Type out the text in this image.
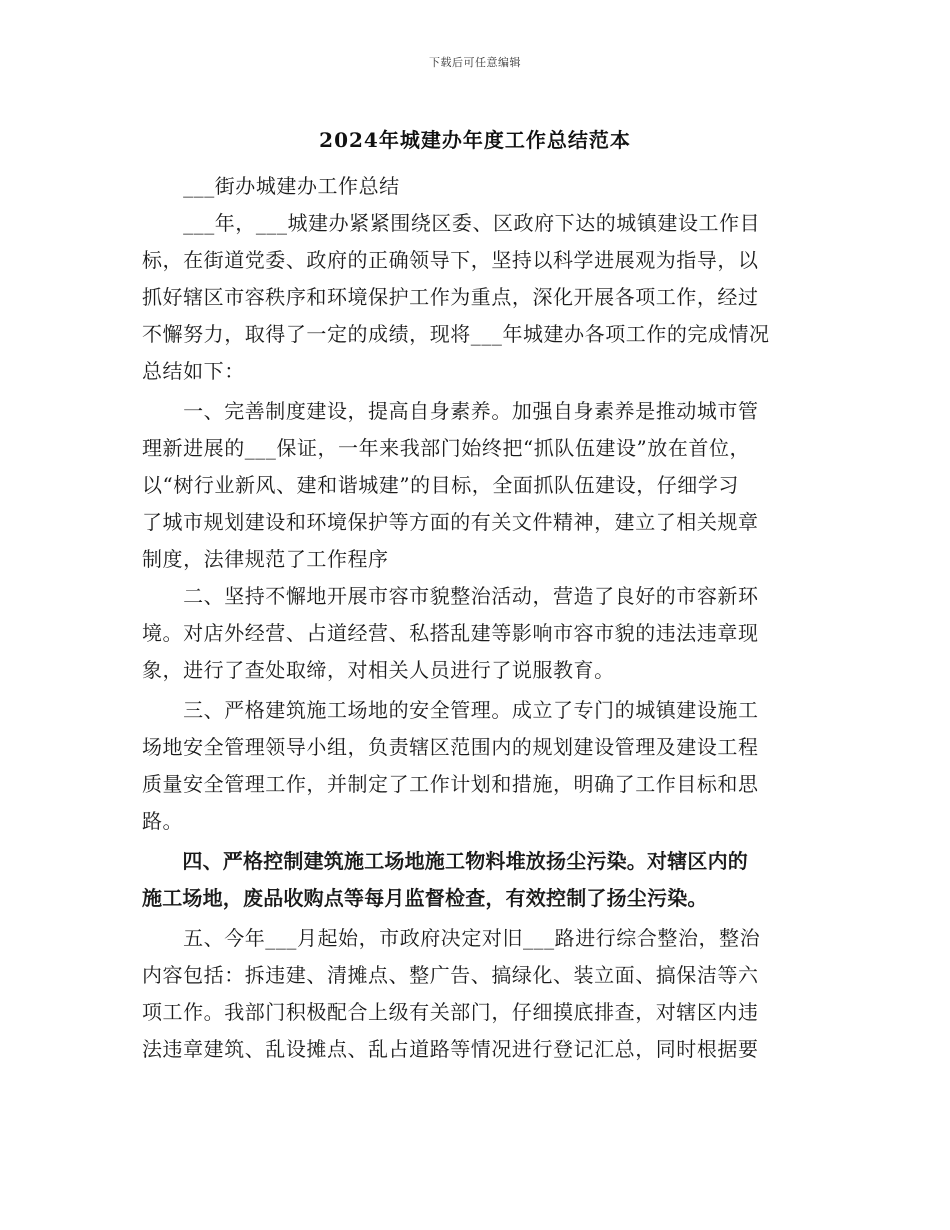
下载后可任意编辑
2024年城建办年度工作总结范本
　　___街办城建办工作总结
　　___年，___城建办紧紧围绕区委、区政府下达的城镇建设工作目
标，在街道党委、政府的正确领导下，坚持以科学进展观为指导，以
抓好辖区市容秩序和环境保护工作为重点，深化开展各项工作，经过
不懈努力，取得了一定的成绩，现将___年城建办各项工作的完成情况
总结如下：
　　一、完善制度建设，提高自身素养。加强自身素养是推动城市管
理新进展的___保证，一年来我部门始终把“抓队伍建设”放在首位，
以“树行业新风、建和谐城建”的目标，全面抓队伍建设，仔细学习
了城市规划建设和环境保护等方面的有关文件精神，建立了相关规章
制度，法律规范了工作程序
　　二、坚持不懈地开展市容市貌整治活动，营造了良好的市容新环
境。对店外经营、占道经营、私搭乱建等影响市容市貌的违法违章现
象，进行了查处取缔，对相关人员进行了说服教育。
　　三、严格建筑施工场地的安全管理。成立了专门的城镇建设施工
场地安全管理领导小组，负责辖区范围内的规划建设管理及建设工程
质量安全管理工作，并制定了工作计划和措施，明确了工作目标和思
路。
　　四、严格控制建筑施工场地施工物料堆放扬尘污染。对辖区内的
施工场地，废品收购点等每月监督检查，有效控制了扬尘污染。
　　五、今年___月起始，市政府决定对旧___路进行综合整治，整治
内容包括：拆违建、清摊点、整广告、搞绿化、装立面、搞保洁等六
项工作。我部门积极配合上级有关部门，仔细摸底排查，对辖区内违
法违章建筑、乱设摊点、乱占道路等情况进行登记汇总，同时根据要
